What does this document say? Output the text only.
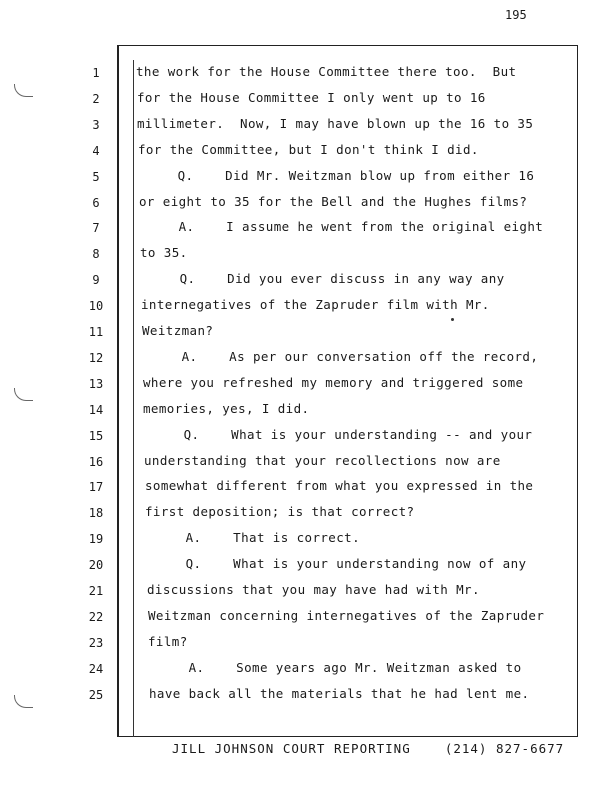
195
1	the work for the House Committee there too.  But
2	for the House Committee I only went up to 16
3	millimeter.  Now, I may have blown up the 16 to 35
4	for the Committee, but I don't think I did.
5	Q.    Did Mr. Weitzman blow up from either 16
6	or eight to 35 for the Bell and the Hughes films?
7	A.    I assume he went from the original eight
8	to 35.
9	Q.    Did you ever discuss in any way any
10	internegatives of the Zapruder film with Mr.
11	Weitzman?
12	A.    As per our conversation off the record,
13	where you refreshed my memory and triggered some
14	memories, yes, I did.
15	Q.    What is your understanding -- and your
16	understanding that your recollections now are
17	somewhat different from what you expressed in the
18	first deposition; is that correct?
19	A.    That is correct.
20	Q.    What is your understanding now of any
21	discussions that you may have had with Mr.
22	Weitzman concerning internegatives of the Zapruder
23	film?
24	A.    Some years ago Mr. Weitzman asked to
25	have back all the materials that he had lent me.
JILL JOHNSON COURT REPORTING    (214) 827-6677
